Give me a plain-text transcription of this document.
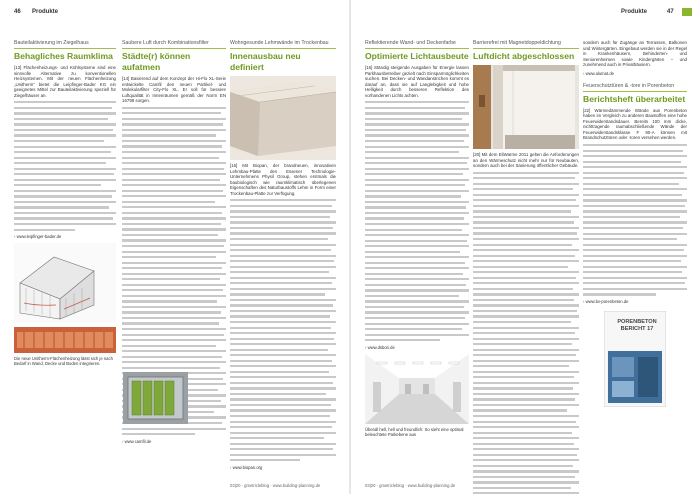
46 Produkte
Bauteilaktivierung im Ziegelhaus
Behagliches Raumklima
[13] Flächenheizungs- und Kühlsysteme sind eine sinnvolle Alternative zu konventionellen Heizsystemen. Mit der neuen Flächenheizung „Unitherm“ bietet die Leipfinger-Bader KG ein geeignetes Mittel zur Bauteilaktivierung speziell für Ziegelhäuser an.
› www.leipfinger-bader.de
Die neue Unitherm-Flächenheizung lässt sich je nach Bedarf in Wand, Decke und Boden integrieren.
Saubere Luft durch Kombinationsfilter
Städte(r) können aufatmen
[14] Basierend auf dem Konzept der Hi-Flo XL-Serie entwickelte Camfil den neuen Partikel- und Molekularfilter City-Flo XL. Er soll für bessere Luftqualität in Innenräumen gemäß der Norm EN 16798 sorgen.
› www.camfil.de
Wohngesunde Lehmwände im Trockenbau
Innenausbau neu definiert
[15] Mit Biopan, der brandneuen, innovativen Lehmbau-Platte des Essener Technologie-Unternehmens Physil Group, stehen erstmals die baubiologisch wie raumklimatisch überlegenen Eigenschaften des Naturbaustoffs Lehm in Form einer Trockenbau-Platte zur Verfügung.
› www.biopan.org
03|20 · gmetricleblog · www.building-planning.de
Produkte	47
Reflektierende Wand- und Deckenfarbe
Optimierte Lichtausbeute
[16] Ständig steigende Ausgaben für Energie lassen Parkhausbetreiber gezielt nach Einsparmöglichkeiten suchen. Bei Decken- und Wandanstrichen kommt es darauf an, dass sie auf Langlebigkeit und hohe Helligkeit durch besseren Reflektion des vorhandenen Lichts achten.
› www.dsbon.de
Überall hell, hell und freundlich: So sieht eine optimal beleuchtete Parkebene aus
Barrierefrei mit Magnetdoppeldichtung
Luftdicht abgeschlossen
[20] Mit dem EliWarme 2011 gelten die Anforderungen an den Wärmeschutz nicht mehr nur für Neubauten, sondern auch bei der Sanierung öffentlicher Gebäude.
sondern auch für Zugänge an Terrassen, Balkonen und Wintergärten. Eingebaut werden sie in der Regel in Krankenhäusern, Behinderten- und Seniorenheimen sowie Kindergärten – und zunehmend auch in Privathäusern.
› www.alumat.de
Feuerschutztüren & -tore in Porenbeton
Berichtsheft überarbeitet
[22] Wärmedämmende Wände aus Porenbeton haben im Vergleich zu anderen Baustoffen eine hohe Feuerwiderstandsdauer. Bereits 100 mm dicke, nichttragende raumabschließende Wände der Feuerwiderstandsklasse F 90-A können mit Brandschutztüren oder -toren versehen werden.
› www.bv-porenbeton.de
PORENBETON BERICHT 17
03|20 · gmetricleblog · www.building-planning.de
